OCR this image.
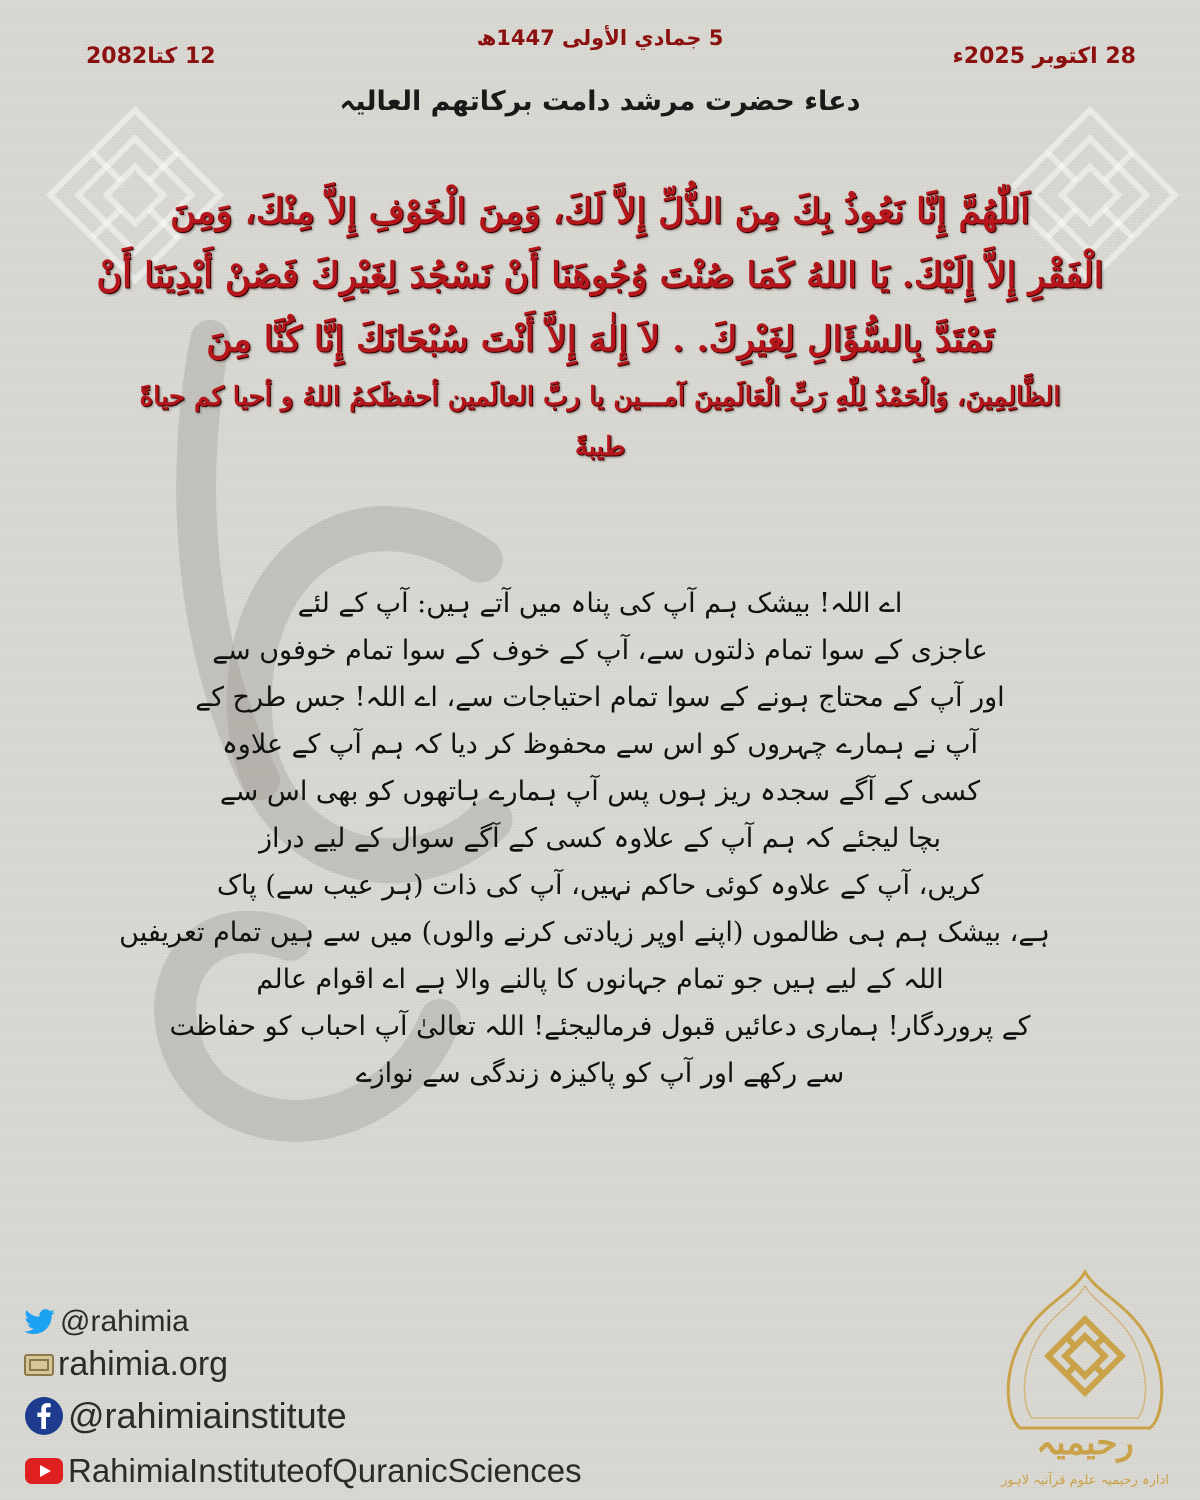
12 کتا2082
5 جمادي الأولی 1447ھ
28 اکتوبر 2025ء
دعاء حضرت مرشد دامت برکاتھم العالیہ
اَللّٰهُمَّ إِنَّا نَعُوذُ بِكَ مِنَ الذُّلِّ إِلاَّ لَكَ، وَمِنَ الْخَوْفِ إِلاَّ مِنْكَ، وَمِنَ
الْفَقْرِ إِلاَّ إِلَيْكَ. يَا اللهُ كَمَا صُنْتَ وُجُوهَنَا أَنْ نَسْجُدَ لِغَيْرِكَ فَصُنْ أَيْدِيَنَا أَنْ
تَمْتَدَّ بِالسُّؤَالِ لِغَيْرِكَ. . لاَ إِلٰهَ إِلاَّ أَنْتَ سُبْحَانَكَ إِنَّا كُنَّا مِنَ
الظَّالِمِينَ، وَالْحَمْدُ لِلّٰهِ رَبِّ الْعَالَمِينَ آمـــين يا ربَّ العالَمين أحفظَكمُ اللهُ و أحيا كم حياةً
طيبةً
اے اللہ! بیشک ہم آپ کی پناہ میں آتے ہیں: آپ کے لئے
عاجزی کے سوا تمام ذلتوں سے، آپ کے خوف کے سوا تمام خوفوں سے
اور آپ کے محتاج ہونے کے سوا تمام احتیاجات سے، اے اللہ! جس طرح کے
آپ نے ہمارے چہروں کو اس سے محفوظ کر دیا کہ ہم آپ کے علاوہ
کسی کے آگے سجدہ ریز ہوں پس آپ ہمارے ہاتھوں کو بھی اس سے
بچا لیجئے کہ ہم آپ کے علاوہ کسی کے آگے سوال کے لیے دراز
کریں، آپ کے علاوہ کوئی حاکم نہیں، آپ کی ذات (ہر عیب سے) پاک
ہے، بیشک ہم ہی ظالموں (اپنے اوپر زیادتی کرنے والوں) میں سے ہیں تمام تعریفیں
اللہ کے لیے ہیں جو تمام جہانوں کا پالنے والا ہے اے اقوام عالم
کے پروردگار! ہماری دعائیں قبول فرمالیجئے! اللہ تعالیٰ آپ احباب کو حفاظت
سے رکھے اور آپ کو پاکیزہ زندگی سے نوازے
@rahimia
rahimia.org
@rahimiainstitute
RahimiaInstituteofQuranicSciences
رحیمیہ
ادارہ رحیمیہ علوم قرآنیہ لاہور
